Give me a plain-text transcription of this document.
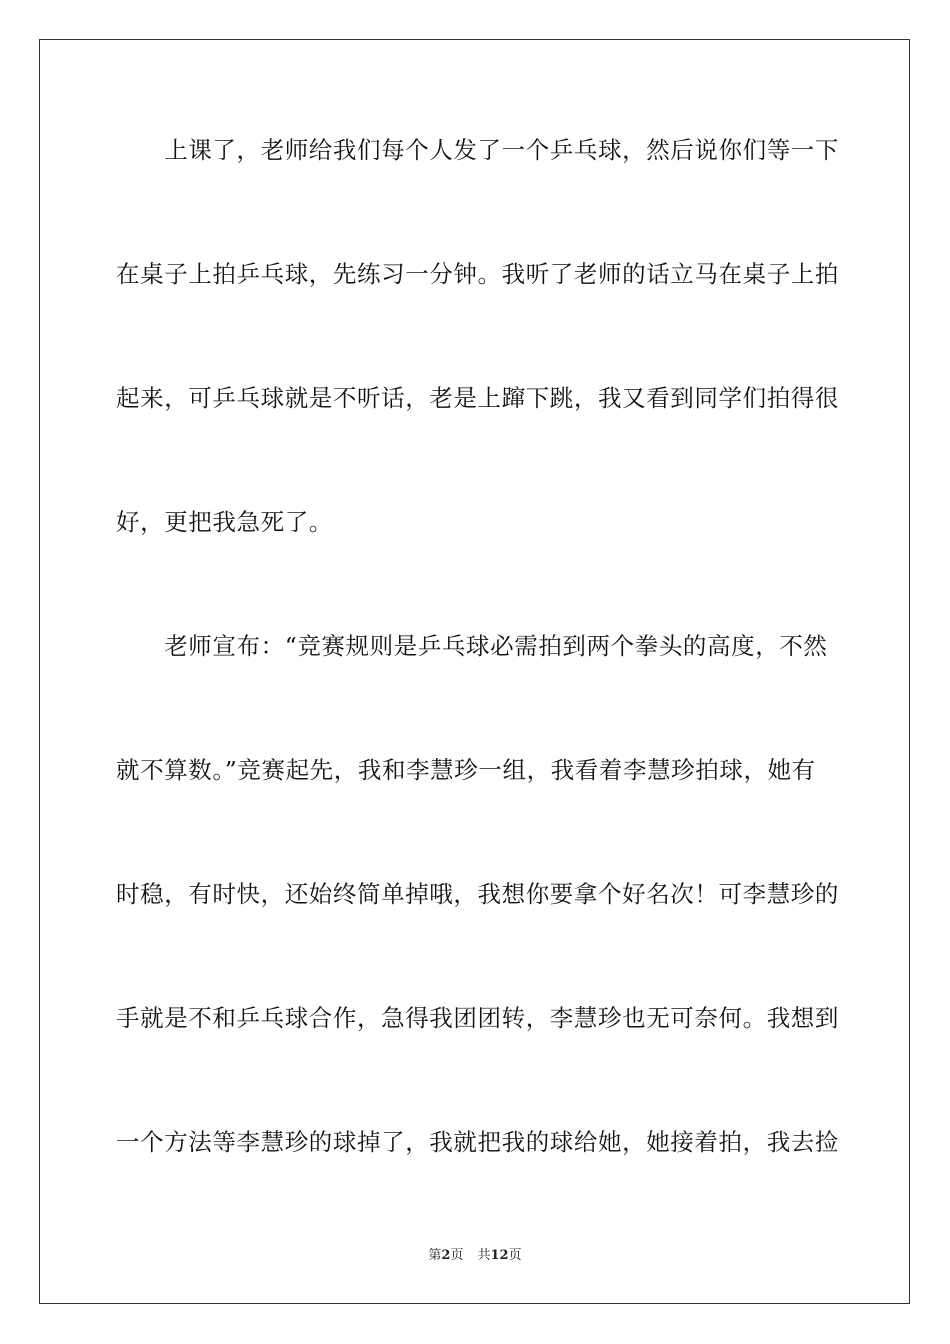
　　上课了，老师给我们每个人发了一个乒乓球，然后说你们等一下
在桌子上拍乒乓球，先练习一分钟。我听了老师的话立马在桌子上拍
起来，可乒乓球就是不听话，老是上蹿下跳，我又看到同学们拍得很
好，更把我急死了。
　　老师宣布：“竞赛规则是乒乓球必需拍到两个拳头的高度，不然
就不算数。”竞赛起先，我和李慧珍一组，我看着李慧珍拍球，她有
时稳，有时快，还始终简单掉哦，我想你要拿个好名次！可李慧珍的
手就是不和乒乓球合作，急得我团团转，李慧珍也无可奈何。我想到
一个方法等李慧珍的球掉了，我就把我的球给她，她接着拍，我去捡
第2页 共12页
